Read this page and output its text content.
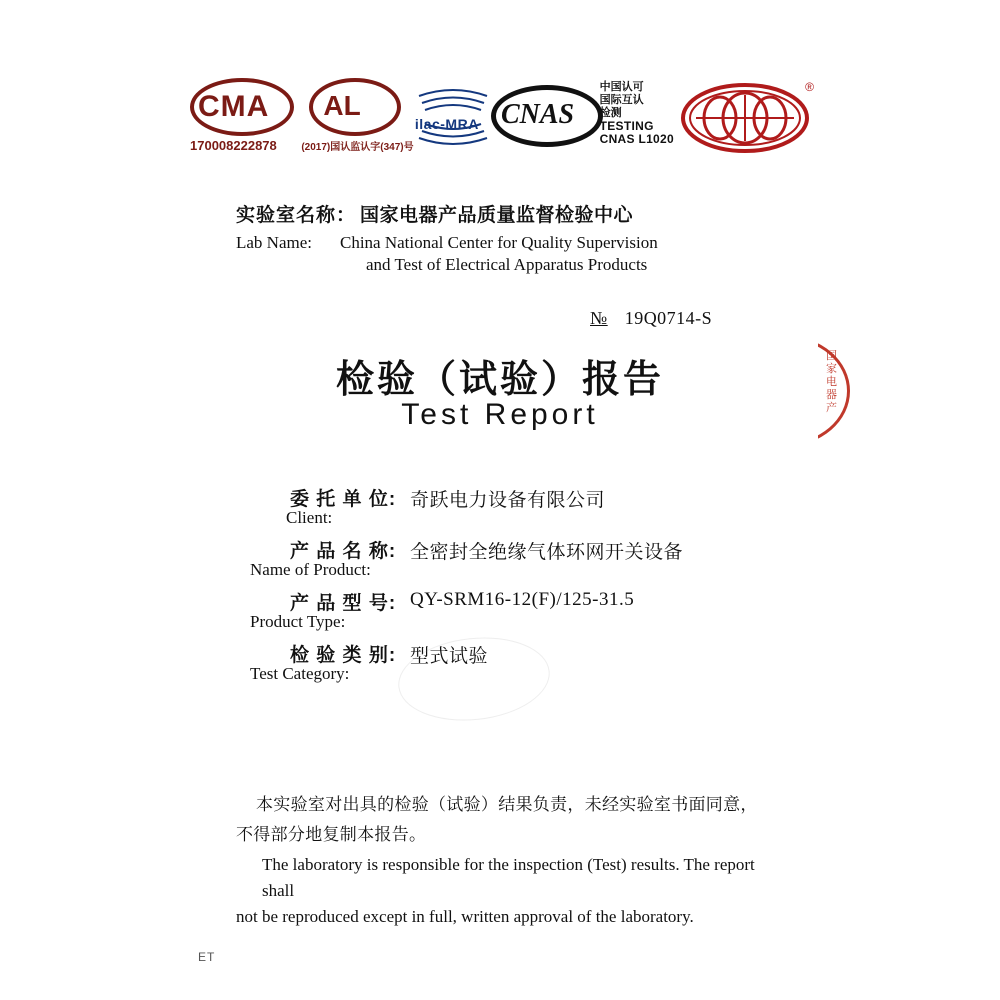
CMA
170008222878
AL
(2017)国认监认字(347)号
ilac-MRA CNAS
中国认可
国际互认
检测
TESTING
CNAS L1020
®
实验室名称： 国家电器产品质量监督检验中心
Lab Name:	China National Center for Quality Supervision
and Test of Electrical Apparatus Products
№ 19Q0714-S
检验（试验）报告
Test Report
委 托 单 位:
Client:
奇跃电力设备有限公司
产 品 名 称:
Name of Product:
全密封全绝缘气体环网开关设备
产 品 型 号:
Product Type:
QY-SRM16-12(F)/125-31.5
检 验 类 别:
Test Category:
型式试验
本实验室对出具的检验（试验）结果负责，未经实验室书面同意，
不得部分地复制本报告。
The laboratory is responsible for the inspection (Test) results. The report shall
not be reproduced except in full, written approval of the laboratory.
国家电器产
ET
